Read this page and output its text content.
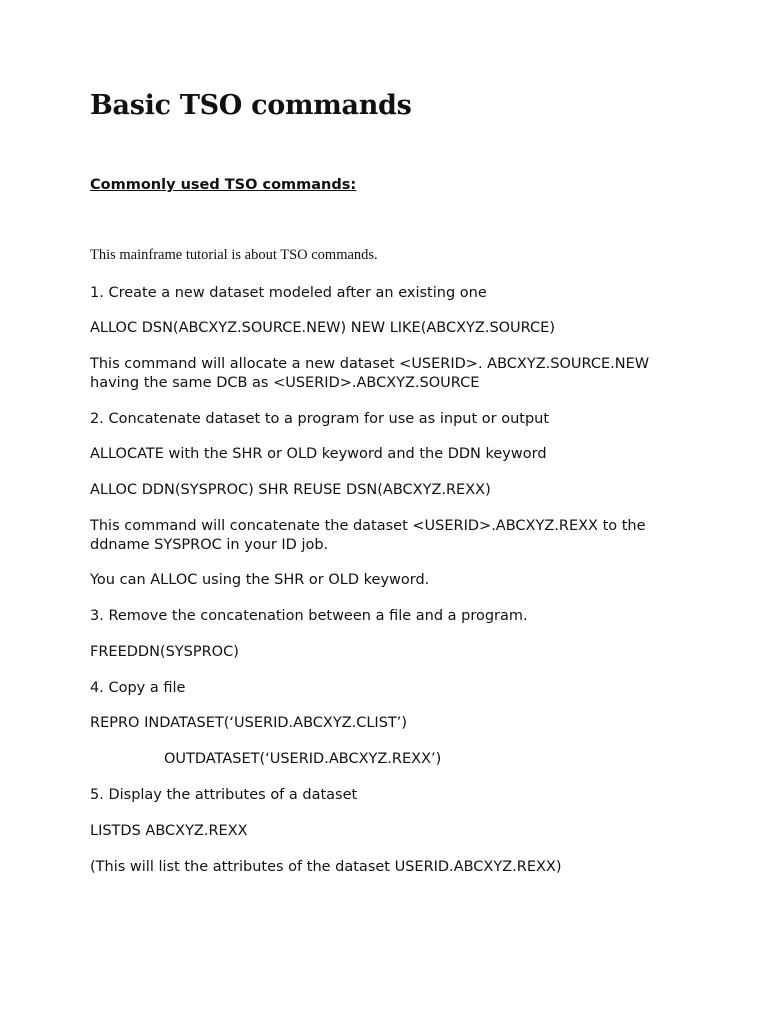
Basic TSO commands

Commonly used TSO commands:

This mainframe tutorial is about TSO commands.

1. Create a new dataset modeled after an existing one

ALLOC DSN(ABCXYZ.SOURCE.NEW) NEW LIKE(ABCXYZ.SOURCE)

This command will allocate a new dataset <USERID>. ABCXYZ.SOURCE.NEW having the same DCB as <USERID>.ABCXYZ.SOURCE

2. Concatenate dataset to a program for use as input or output

ALLOCATE with the SHR or OLD keyword and the DDN keyword

ALLOC DDN(SYSPROC) SHR REUSE DSN(ABCXYZ.REXX)

This command will concatenate the dataset <USERID>.ABCXYZ.REXX to the ddname SYSPROC in your ID job.

You can ALLOC using the SHR or OLD keyword.

3. Remove the concatenation between a file and a program.

FREEDDN(SYSPROC)

4. Copy a file

REPRO INDATASET(‘USERID.ABCXYZ.CLIST’)

OUTDATASET(‘USERID.ABCXYZ.REXX’)

5. Display the attributes of a dataset

LISTDS ABCXYZ.REXX

(This will list the attributes of the dataset USERID.ABCXYZ.REXX)
